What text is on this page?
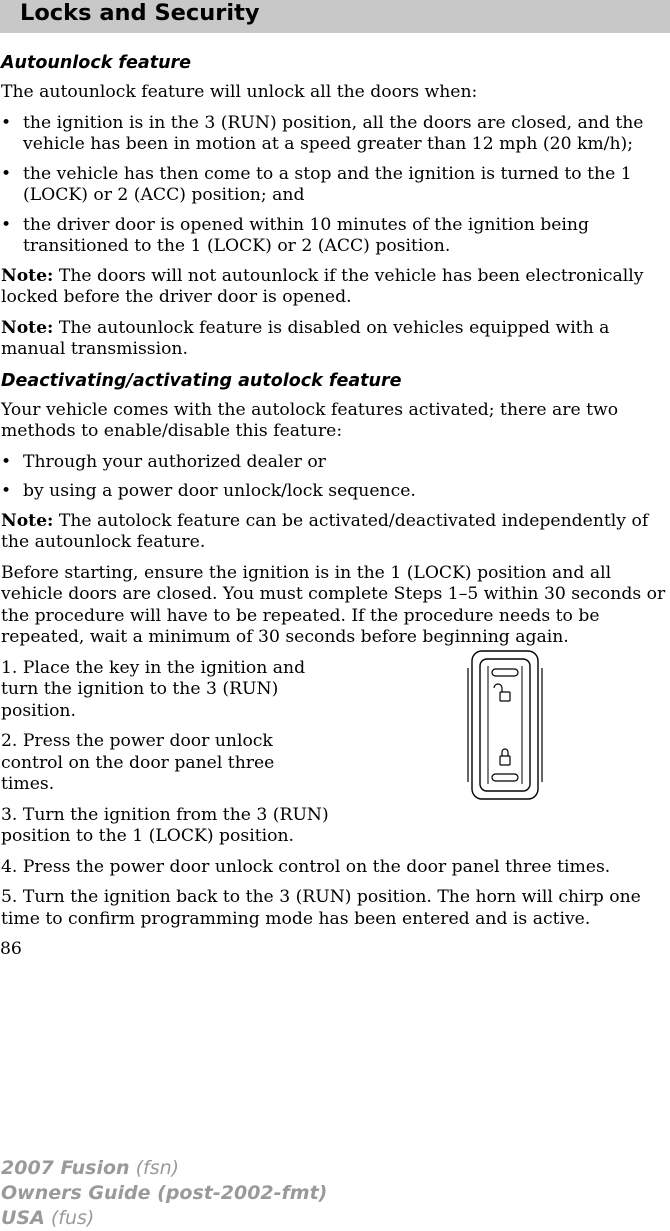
Locks and Security
Autounlock feature

The autounlock feature will unlock all the doors when:

• the ignition is in the 3 (RUN) position, all the doors are closed, and the vehicle has been in motion at a speed greater than 12 mph (20 km/h);
• the vehicle has then come to a stop and the ignition is turned to the 1 (LOCK) or 2 (ACC) position; and
• the driver door is opened within 10 minutes of the ignition being transitioned to the 1 (LOCK) or 2 (ACC) position.

Note: The doors will not autounlock if the vehicle has been electronically locked before the driver door is opened.

Note: The autounlock feature is disabled on vehicles equipped with a manual transmission.

Deactivating/activating autolock feature

Your vehicle comes with the autolock features activated; there are two methods to enable/disable this feature:

• Through your authorized dealer or
• by using a power door unlock/lock sequence.

Note: The autolock feature can be activated/deactivated independently of the autounlock feature.

Before starting, ensure the ignition is in the 1 (LOCK) position and all vehicle doors are closed. You must complete Steps 1–5 within 30 seconds or the procedure will have to be repeated. If the procedure needs to be repeated, wait a minimum of 30 seconds before beginning again.

1. Place the key in the ignition and turn the ignition to the 3 (RUN) position.

2. Press the power door unlock control on the door panel three times.

3. Turn the ignition from the 3 (RUN) position to the 1 (LOCK) position.

4. Press the power door unlock control on the door panel three times.

5. Turn the ignition back to the 3 (RUN) position. The horn will chirp one time to confirm programming mode has been entered and is active.

86
2007 Fusion (fsn)
Owners Guide (post-2002-fmt)
USA (fus)
